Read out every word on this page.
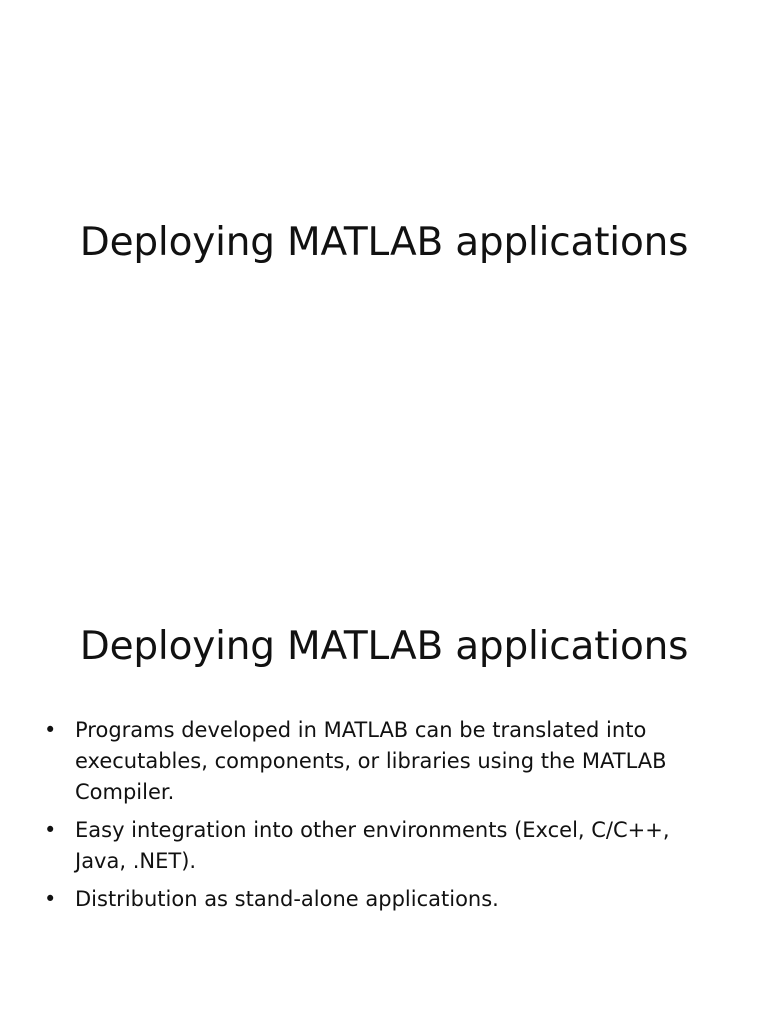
Deploying MATLAB applications
Deploying MATLAB applications
• Programs developed in MATLAB can be translated into executables, components, or libraries using the MATLAB Compiler.
• Easy integration into other environments (Excel, C/C++, Java, .NET).
• Distribution as stand-alone applications.
